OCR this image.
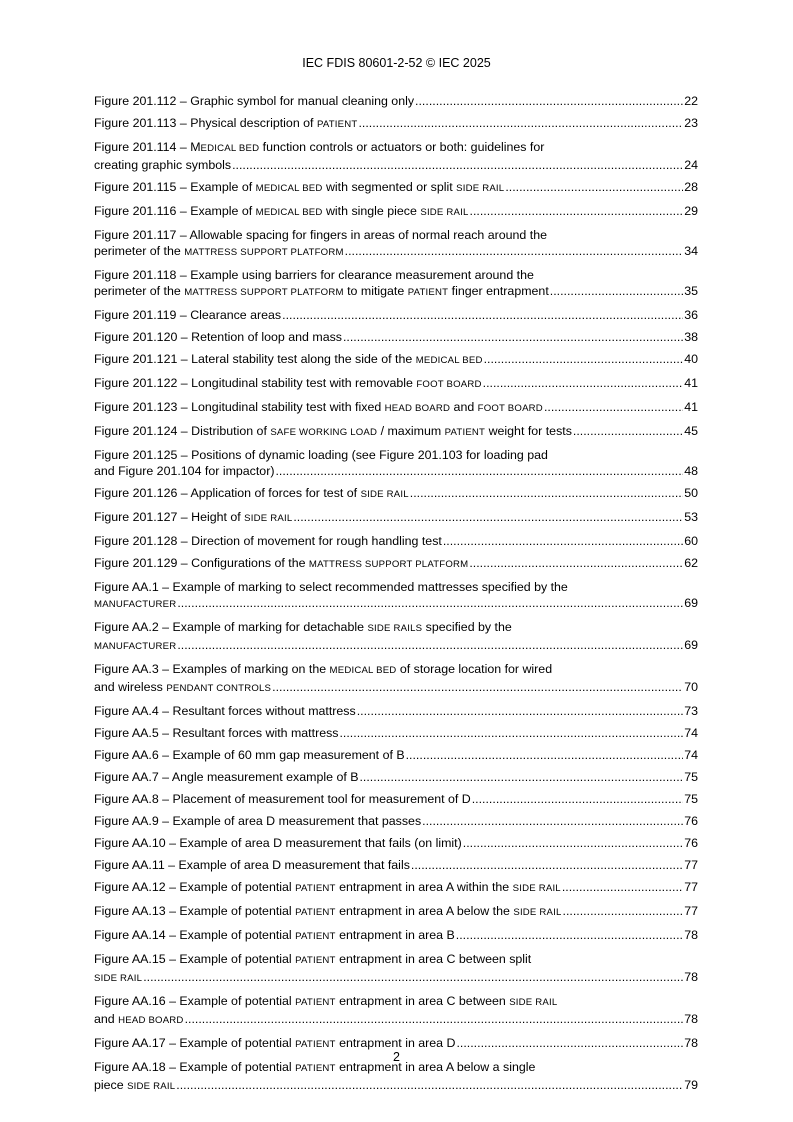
IEC FDIS 80601-2-52 © IEC 2025
Figure 201.112 – Graphic symbol for manual cleaning only .....	22
Figure 201.113 – Physical description of PATIENT .....	23
Figure 201.114 – MEDICAL BED function controls or actuators or both: guidelines for
creating graphic symbols .....	24
Figure 201.115 – Example of MEDICAL BED with segmented or split SIDE RAIL .....	28
Figure 201.116 – Example of MEDICAL BED with single piece SIDE RAIL .....	29
Figure 201.117 – Allowable spacing for fingers in areas of normal reach around the
perimeter of the MATTRESS SUPPORT PLATFORM .....	34
Figure 201.118 – Example using barriers for clearance measurement around the
perimeter of the MATTRESS SUPPORT PLATFORM to mitigate PATIENT finger entrapment .....	35
Figure 201.119 – Clearance areas .....	36
Figure 201.120 – Retention of loop and mass .....	38
Figure 201.121 – Lateral stability test along the side of the MEDICAL BED .....	40
Figure 201.122 – Longitudinal stability test with removable FOOT BOARD .....	41
Figure 201.123 – Longitudinal stability test with fixed HEAD BOARD and FOOT BOARD .....	41
Figure 201.124 – Distribution of SAFE WORKING LOAD / maximum PATIENT weight for tests .....	45
Figure 201.125 – Positions of dynamic loading (see Figure 201.103 for loading pad
and Figure 201.104 for impactor) .....	48
Figure 201.126 – Application of forces for test of SIDE RAIL .....	50
Figure 201.127 – Height of SIDE RAIL .....	53
Figure 201.128 – Direction of movement for rough handling test .....	60
Figure 201.129 – Configurations of the MATTRESS SUPPORT PLATFORM .....	62
Figure AA.1 – Example of marking to select recommended mattresses specified by the
MANUFACTURER .....	69
Figure AA.2 – Example of marking for detachable SIDE RAILS specified by the
MANUFACTURER .....	69
Figure AA.3 – Examples of marking on the MEDICAL BED of storage location for wired
and wireless PENDANT CONTROLS .....	70
Figure AA.4 – Resultant forces without mattress .....	73
Figure AA.5 – Resultant forces with mattress .....	74
Figure AA.6 – Example of 60 mm gap measurement of B .....	74
Figure AA.7 – Angle measurement example of B .....	75
Figure AA.8 – Placement of measurement tool for measurement of D .....	75
Figure AA.9 – Example of area D measurement that passes .....	76
Figure AA.10 – Example of area D measurement that fails (on limit) .....	76
Figure AA.11 – Example of area D measurement that fails .....	77
Figure AA.12 – Example of potential PATIENT entrapment in area A within the SIDE RAIL .....	77
Figure AA.13 – Example of potential PATIENT entrapment in area A below the SIDE RAIL .....	77
Figure AA.14 – Example of potential PATIENT entrapment in area B .....	78
Figure AA.15 – Example of potential PATIENT entrapment in area C between split
SIDE RAIL .....	78
Figure AA.16 – Example of potential PATIENT entrapment in area C between SIDE RAIL
and HEAD BOARD .....	78
Figure AA.17 – Example of potential PATIENT entrapment in area D .....	78
Figure AA.18 – Example of potential PATIENT entrapment in area A below a single
piece SIDE RAIL .....	79
2
